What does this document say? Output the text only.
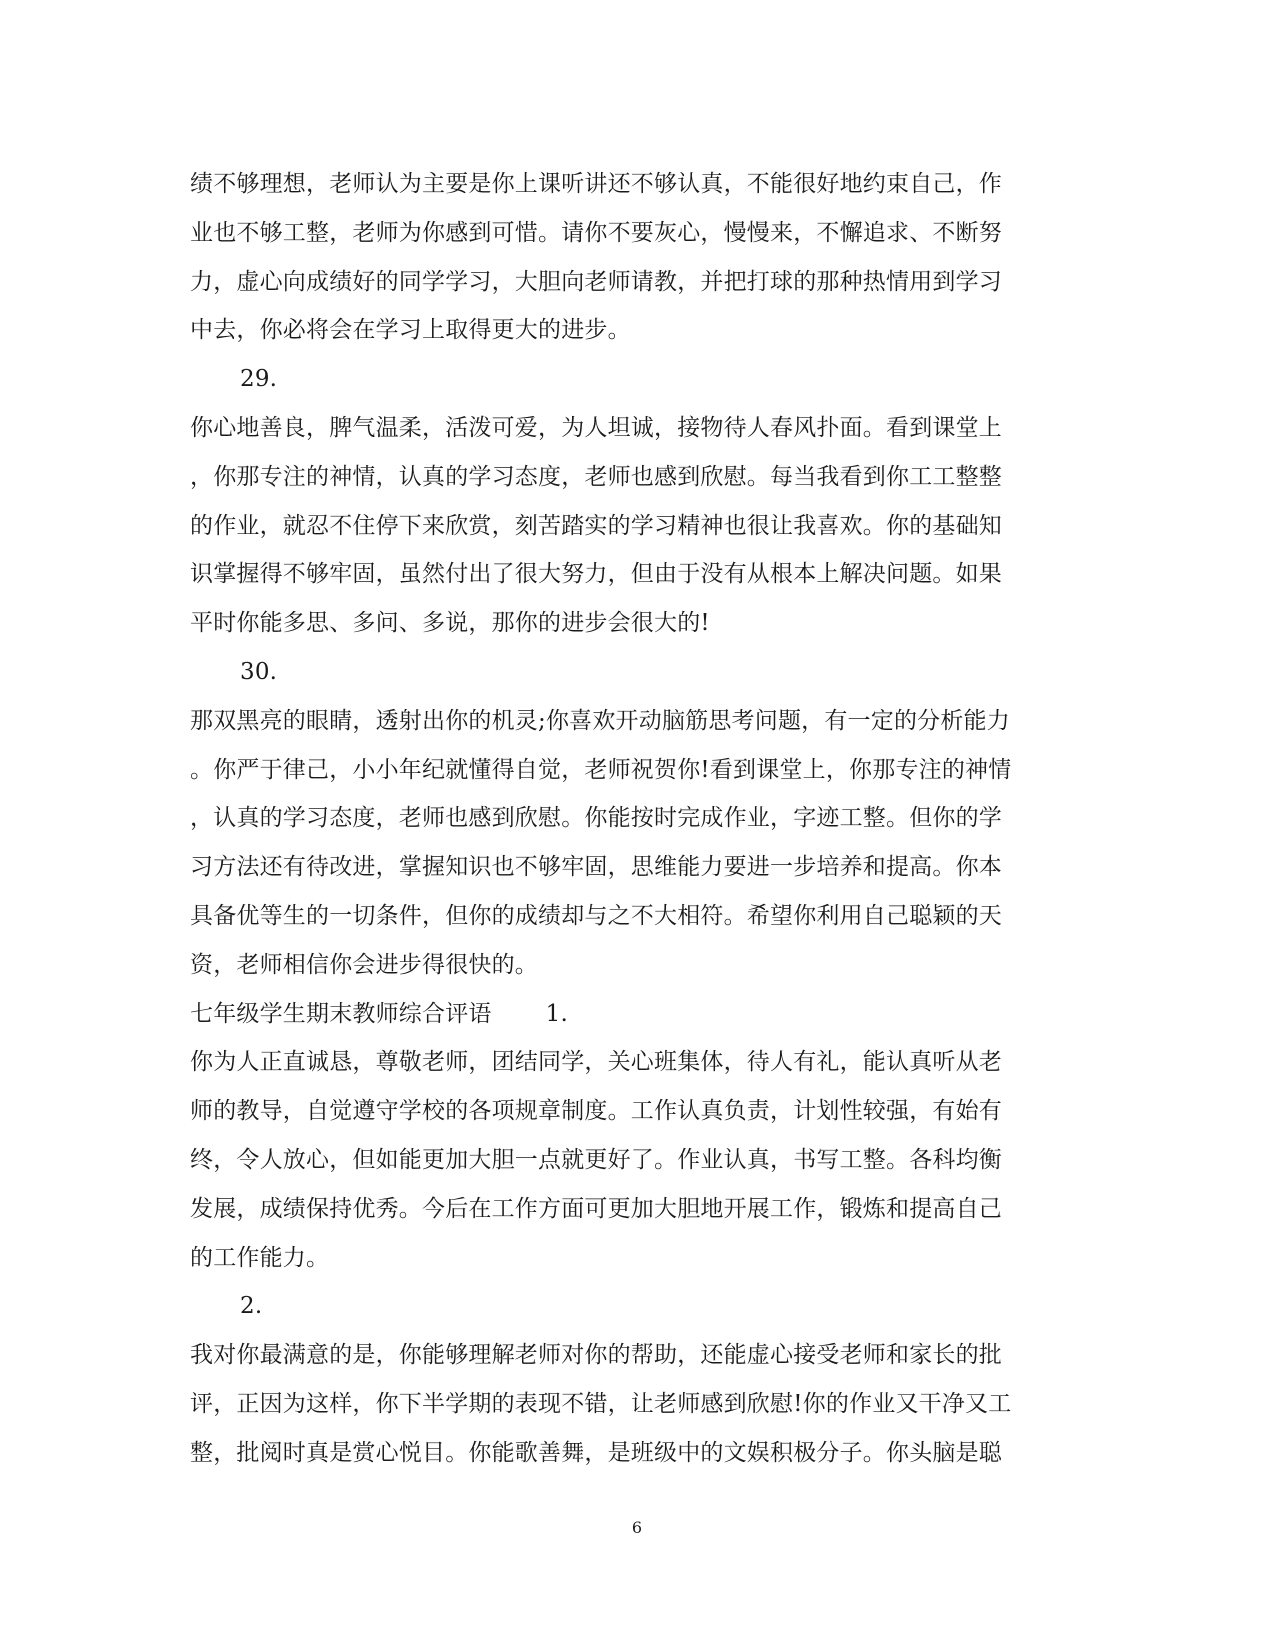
绩不够理想，老师认为主要是你上课听讲还不够认真，不能很好地约束自己，作
业也不够工整，老师为你感到可惜。请你不要灰心，慢慢来，不懈追求、不断努
力，虚心向成绩好的同学学习，大胆向老师请教，并把打球的那种热情用到学习
中去，你必将会在学习上取得更大的进步。
29.
你心地善良，脾气温柔，活泼可爱，为人坦诚，接物待人春风扑面。看到课堂上
，你那专注的神情，认真的学习态度，老师也感到欣慰。每当我看到你工工整整
的作业，就忍不住停下来欣赏，刻苦踏实的学习精神也很让我喜欢。你的基础知
识掌握得不够牢固，虽然付出了很大努力，但由于没有从根本上解决问题。如果
平时你能多思、多问、多说，那你的进步会很大的!
30.
那双黑亮的眼睛，透射出你的机灵;你喜欢开动脑筋思考问题，有一定的分析能力
。你严于律己，小小年纪就懂得自觉，老师祝贺你!看到课堂上，你那专注的神情
，认真的学习态度，老师也感到欣慰。你能按时完成作业，字迹工整。但你的学
习方法还有待改进，掌握知识也不够牢固，思维能力要进一步培养和提高。你本
具备优等生的一切条件，但你的成绩却与之不大相符。希望你利用自己聪颖的天
资，老师相信你会进步得很快的。
七年级学生期末教师综合评语 1.
你为人正直诚恳，尊敬老师，团结同学，关心班集体，待人有礼，能认真听从老
师的教导，自觉遵守学校的各项规章制度。工作认真负责，计划性较强，有始有
终，令人放心，但如能更加大胆一点就更好了。作业认真，书写工整。各科均衡
发展，成绩保持优秀。今后在工作方面可更加大胆地开展工作，锻炼和提高自己
的工作能力。
2.
我对你最满意的是，你能够理解老师对你的帮助，还能虚心接受老师和家长的批
评，正因为这样，你下半学期的表现不错，让老师感到欣慰!你的作业又干净又工
整，批阅时真是赏心悦目。你能歌善舞，是班级中的文娱积极分子。你头脑是聪
6
